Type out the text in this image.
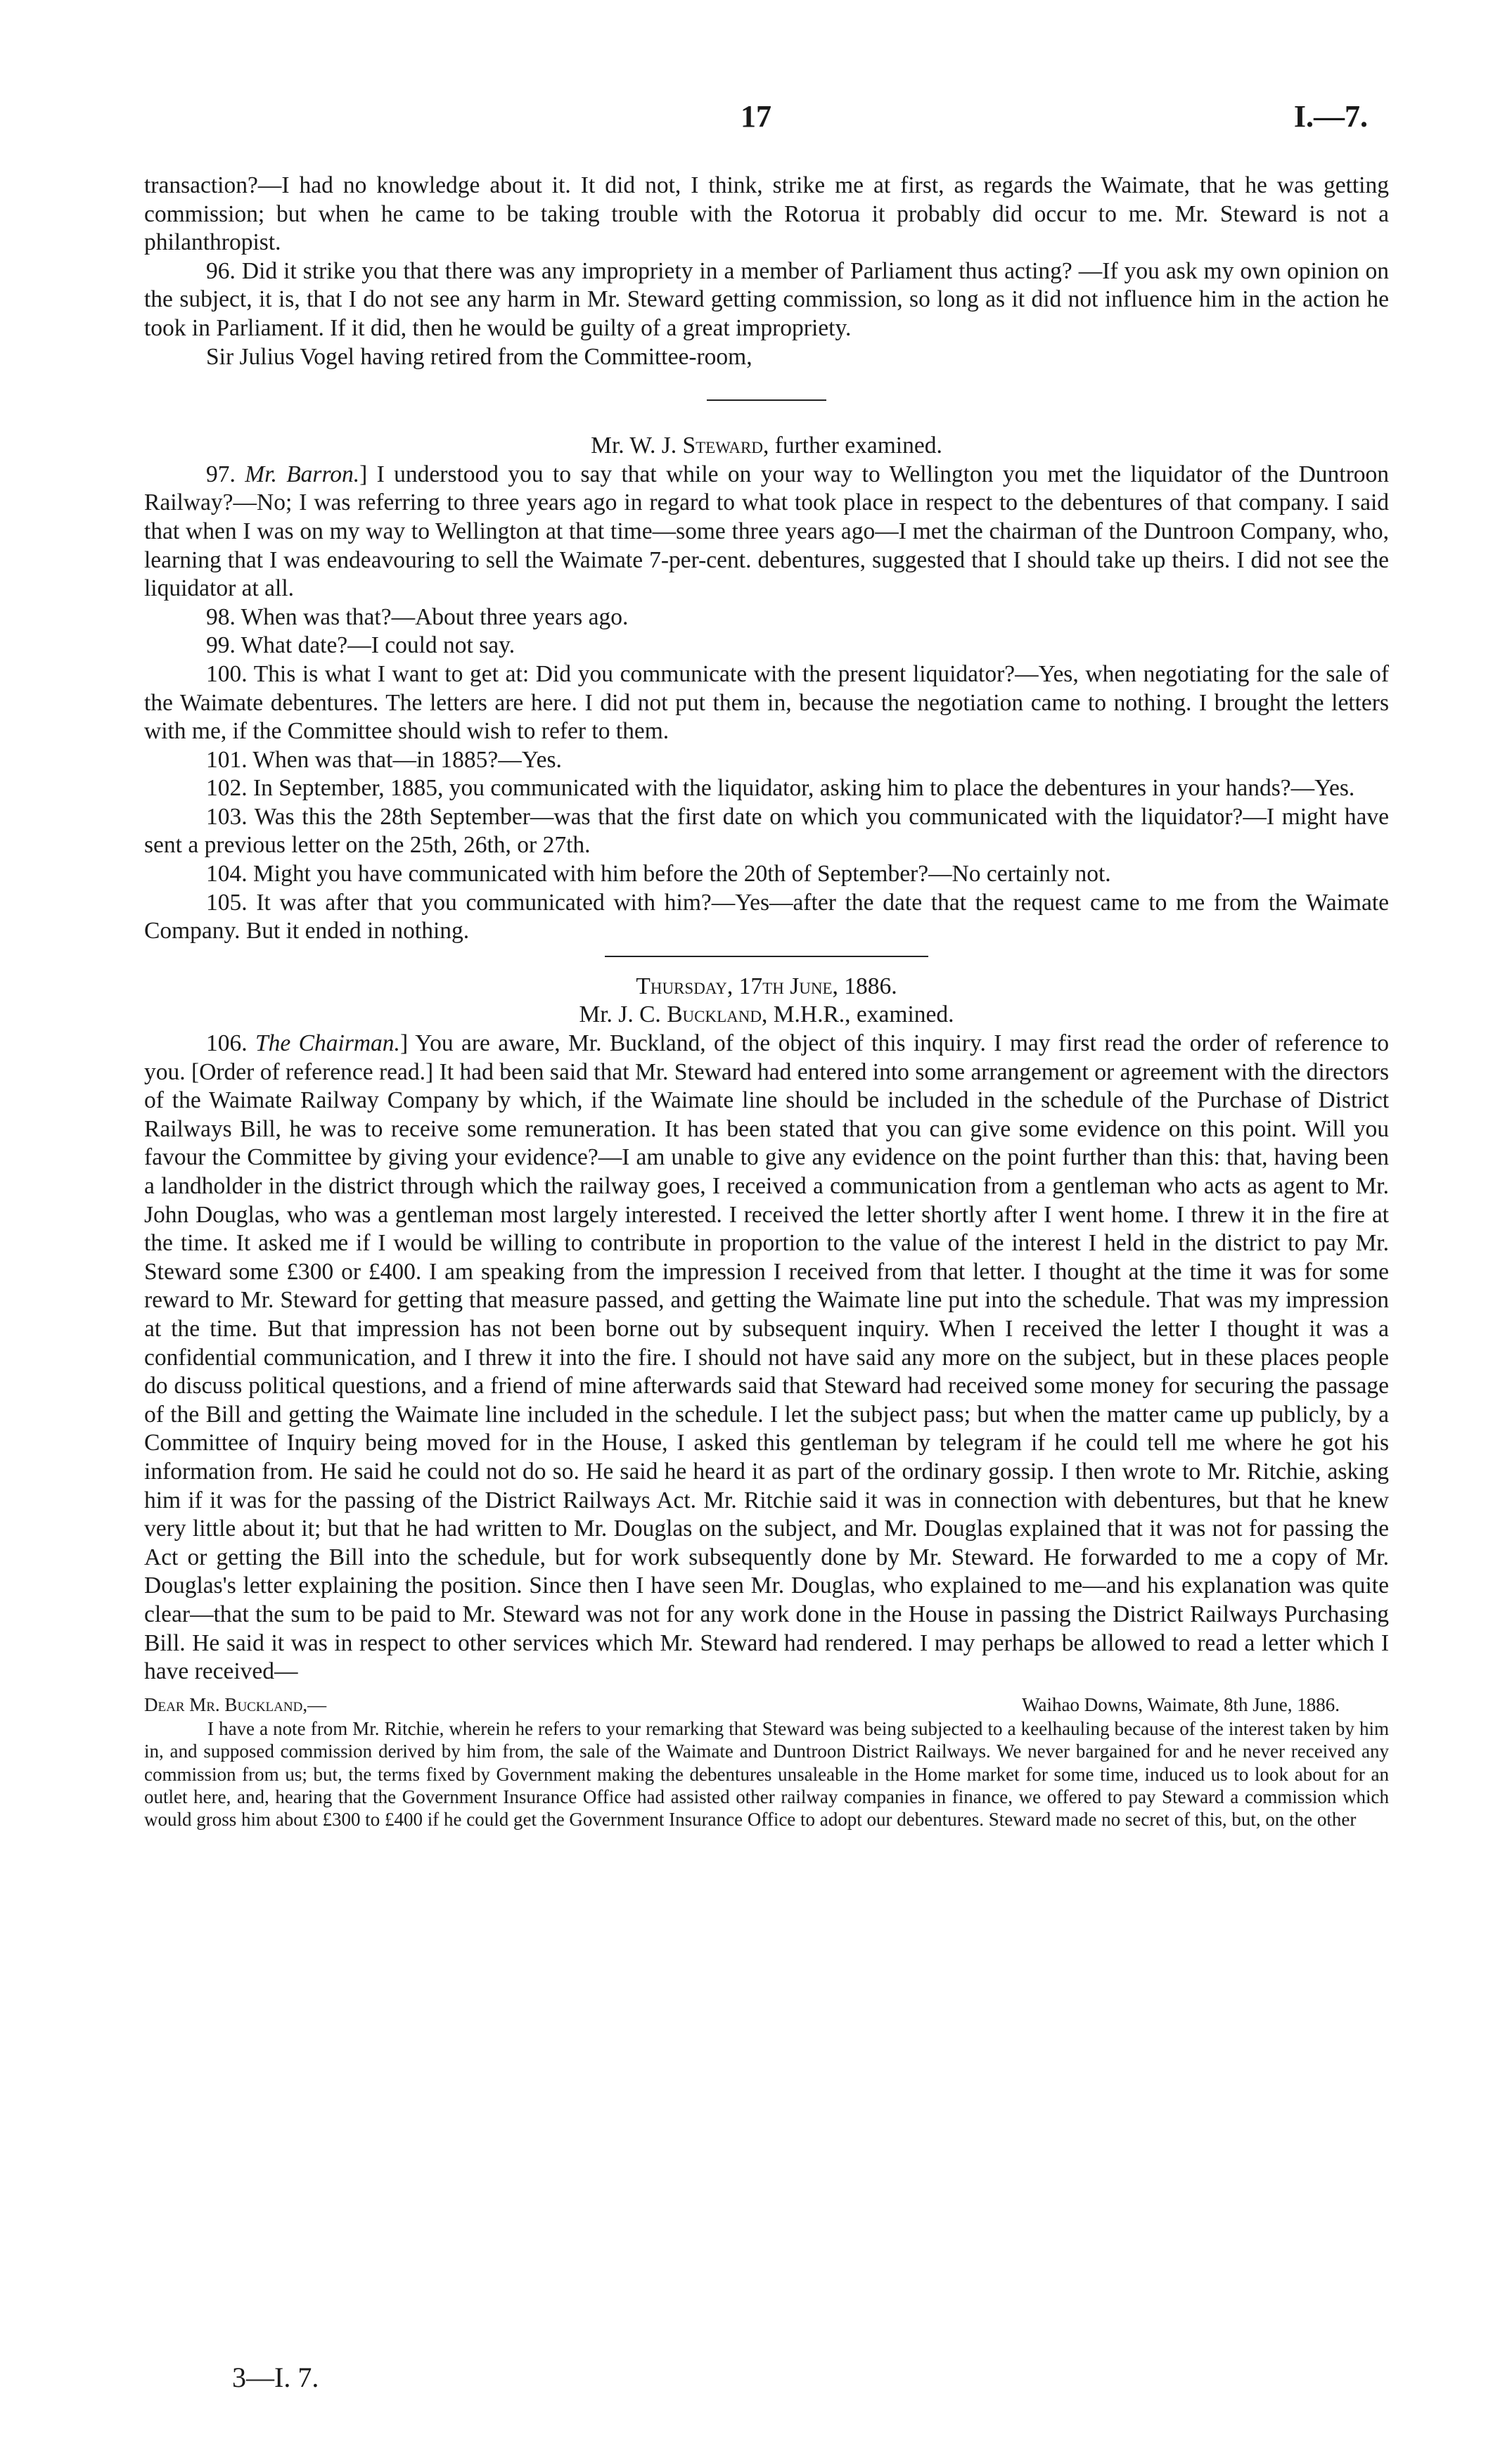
17	I.—7.

transaction?—I had no knowledge about it. It did not, I think, strike me at first, as regards the Waimate, that he was getting commission; but when he came to be taking trouble with the Rotorua it probably did occur to me. Mr. Steward is not a philanthropist.

96. Did it strike you that there was any impropriety in a member of Parliament thus acting? —If you ask my own opinion on the subject, it is, that I do not see any harm in Mr. Steward getting commission, so long as it did not influence him in the action he took in Parliament. If it did, then he would be guilty of a great impropriety.

Sir Julius Vogel having retired from the Committee-room,

Mr. W. J. Steward, further examined.

97. Mr. Barron.] I understood you to say that while on your way to Wellington you met the liquidator of the Duntroon Railway?—No; I was referring to three years ago in regard to what took place in respect to the debentures of that company. I said that when I was on my way to Wellington at that time—some three years ago—I met the chairman of the Duntroon Company, who, learning that I was endeavouring to sell the Waimate 7-per-cent. debentures, suggested that I should take up theirs. I did not see the liquidator at all.

98. When was that?—About three years ago.

99. What date?—I could not say.

100. This is what I want to get at: Did you communicate with the present liquidator?—Yes, when negotiating for the sale of the Waimate debentures. The letters are here. I did not put them in, because the negotiation came to nothing. I brought the letters with me, if the Committee should wish to refer to them.

101. When was that—in 1885?—Yes.

102. In September, 1885, you communicated with the liquidator, asking him to place the debentures in your hands?—Yes.

103. Was this the 28th September—was that the first date on which you communicated with the liquidator?—I might have sent a previous letter on the 25th, 26th, or 27th.

104. Might you have communicated with him before the 20th of September?—No certainly not.

105. It was after that you communicated with him?—Yes—after the date that the request came to me from the Waimate Company. But it ended in nothing.

Thursday, 17th June, 1886.

Mr. J. C. Buckland, M.H.R., examined.

106. The Chairman.] You are aware, Mr. Buckland, of the object of this inquiry. I may first read the order of reference to you. [Order of reference read.] It had been said that Mr. Steward had entered into some arrangement or agreement with the directors of the Waimate Railway Company by which, if the Waimate line should be included in the schedule of the Purchase of District Railways Bill, he was to receive some remuneration. It has been stated that you can give some evidence on this point. Will you favour the Committee by giving your evidence?—I am unable to give any evidence on the point further than this: that, having been a landholder in the district through which the railway goes, I received a communication from a gentleman who acts as agent to Mr. John Douglas, who was a gentleman most largely interested. I received the letter shortly after I went home. I threw it in the fire at the time. It asked me if I would be willing to contribute in proportion to the value of the interest I held in the district to pay Mr. Steward some £300 or £400. I am speaking from the impression I received from that letter. I thought at the time it was for some reward to Mr. Steward for getting that measure passed, and getting the Waimate line put into the schedule. That was my impression at the time. But that impression has not been borne out by subsequent inquiry. When I received the letter I thought it was a confidential communication, and I threw it into the fire. I should not have said any more on the subject, but in these places people do discuss political questions, and a friend of mine afterwards said that Steward had received some money for securing the passage of the Bill and getting the Waimate line included in the schedule. I let the subject pass; but when the matter came up publicly, by a Committee of Inquiry being moved for in the House, I asked this gentleman by telegram if he could tell me where he got his information from. He said he could not do so. He said he heard it as part of the ordinary gossip. I then wrote to Mr. Ritchie, asking him if it was for the passing of the District Railways Act. Mr. Ritchie said it was in connection with debentures, but that he knew very little about it; but that he had written to Mr. Douglas on the subject, and Mr. Douglas explained that it was not for passing the Act or getting the Bill into the schedule, but for work subsequently done by Mr. Steward. He forwarded to me a copy of Mr. Douglas's letter explaining the position. Since then I have seen Mr. Douglas, who explained to me—and his explanation was quite clear—that the sum to be paid to Mr. Steward was not for any work done in the House in passing the District Railways Purchasing Bill. He said it was in respect to other services which Mr. Steward had rendered. I may perhaps be allowed to read a letter which I have received—

Dear Mr. Buckland,—	Waihao Downs, Waimate, 8th June, 1886.

I have a note from Mr. Ritchie, wherein he refers to your remarking that Steward was being subjected to a keelhauling because of the interest taken by him in, and supposed commission derived by him from, the sale of the Waimate and Duntroon District Railways. We never bargained for and he never received any commission from us; but, the terms fixed by Government making the debentures unsaleable in the Home market for some time, induced us to look about for an outlet here, and, hearing that the Government Insurance Office had assisted other railway companies in finance, we offered to pay Steward a commission which would gross him about £300 to £400 if he could get the Government Insurance Office to adopt our debentures. Steward made no secret of this, but, on the other

3—I. 7.
